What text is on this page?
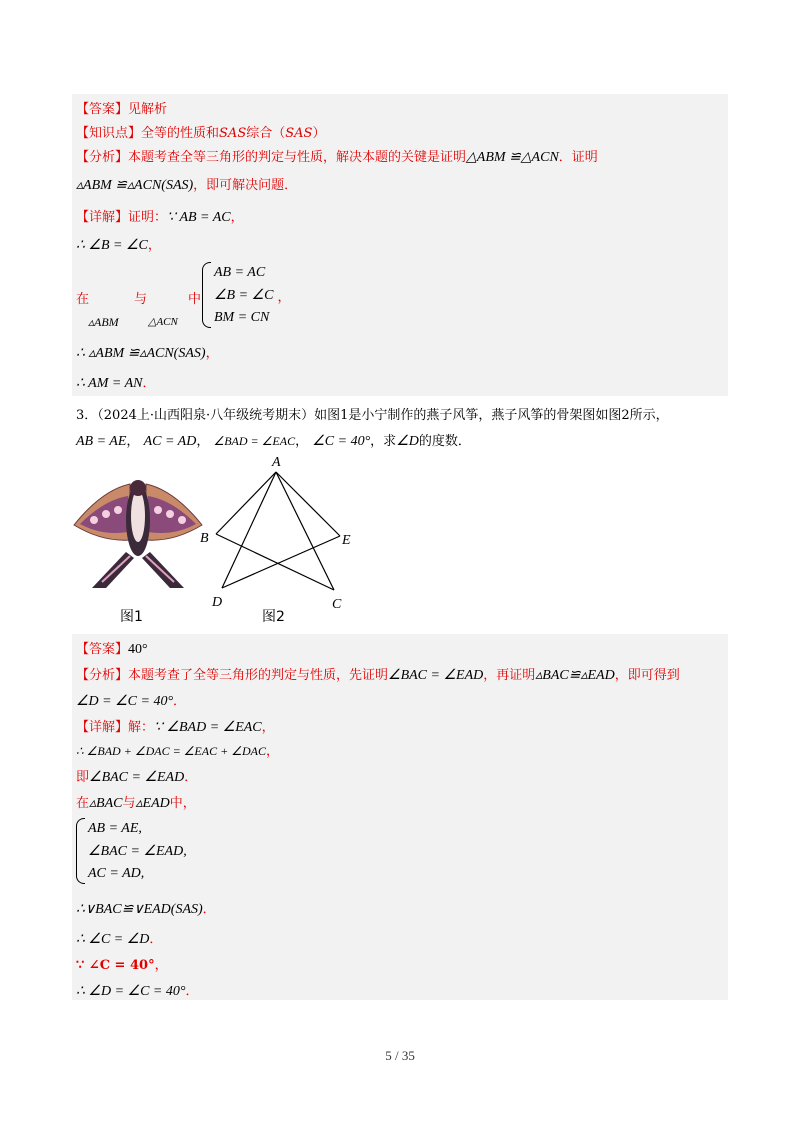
【答案】见解析
【知识点】全等的性质和SAS综合（SAS）
【分析】本题考查全等三角形的判定与性质，解决本题的关键是证明△ABM ≌△ACN．证明
▵ABM ≌▵ACN(SAS)，即可解决问题．
【详解】证明：∵ AB = AC，
∴ ∠B = ∠C，
在	与	中
▵ABM	△ACN
AB = AC
∠B = ∠C
BM = CN
，
∴ ▵ABM ≌▵ACN(SAS)，
∴ AM = AN．
3．（2024上·山西阳泉·八年级统考期末）如图1是小宁制作的燕子风筝，燕子风筝的骨架图如图2所示，
AB = AE， AC = AD， ∠BAD = ∠EAC， ∠C = 40°，求∠D的度数．
图1
A
B	E
D	C
图2
【答案】40°
【分析】本题考查了全等三角形的判定与性质，先证明∠BAC = ∠EAD，再证明▵BAC≌▵EAD，即可得到
∠D = ∠C = 40°．
【详解】解：∵ ∠BAD = ∠EAC，
∴ ∠BAD + ∠DAC = ∠EAC + ∠DAC，
即∠BAC = ∠EAD．
在▵BAC与▵EAD中，
AB = AE,
∠BAC = ∠EAD,
AC = AD,
∴∨BAC≌∨EAD(SAS)．
∴ ∠C = ∠D．
∵ ∠C = 40°，
∴ ∠D = ∠C = 40°．
5 / 35
